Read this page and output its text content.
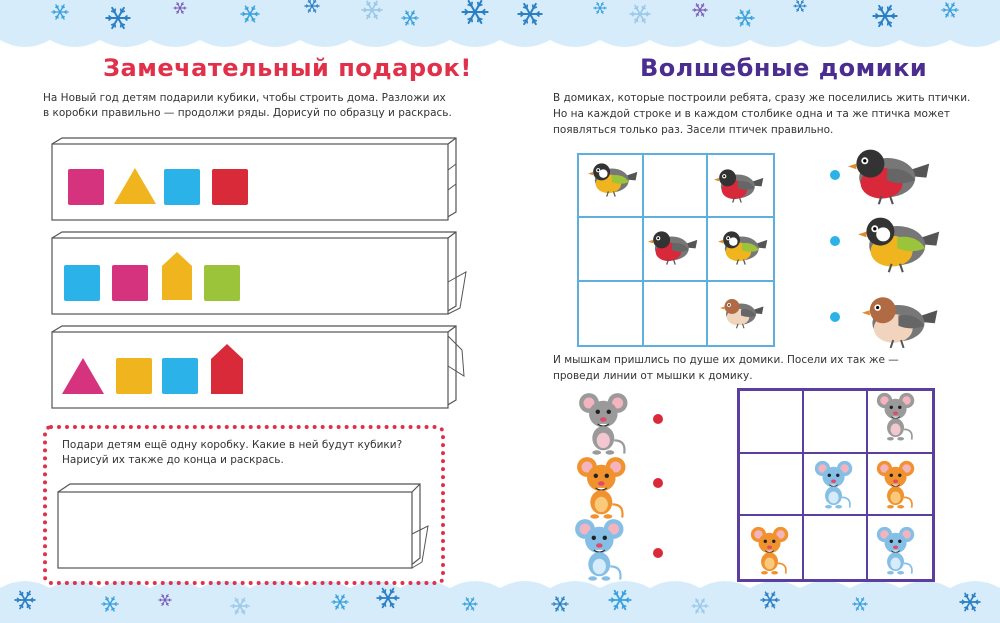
Замечательный подарок!

На Новый год детям подарили кубики, чтобы строить дома. Разложи их

в коробки правильно — продолжи ряды. Дорисуй по образцу и раскрась.

Подари детям ещё одну коробку. Какие в ней будут кубики?

Нарисуй их также до конца и раскрась.

Волшебные домики

В домиках, которые построили ребята, сразу же поселились жить птички.

Но на каждой строке и в каждом столбике одна и та же птичка может

появляться только раз. Засели птичек правильно.

И мышкам пришлись по душе их домики. Посели их так же —

проведи линии от мышки к домику.
